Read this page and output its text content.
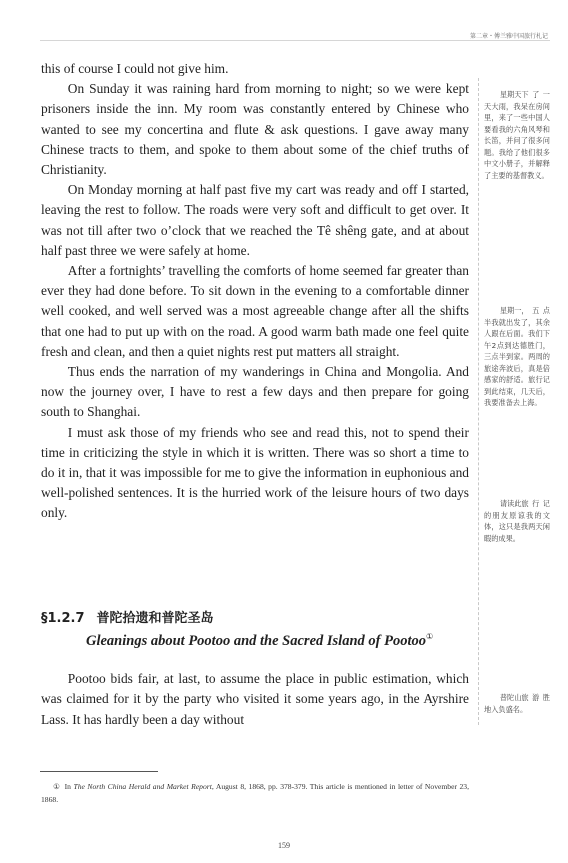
第二章・傅兰雅中国旅行札记

this of course I could not give him.

On Sunday it was raining hard from morning to night; so we were kept prisoners inside the inn. My room was constantly entered by Chinese who wanted to see my concertina and flute & ask questions. I gave away many Chinese tracts to them, and spoke to them about some of the chief truths of Christianity.

On Monday morning at half past five my cart was ready and off I started, leaving the rest to follow. The roads were very soft and difficult to get over. It was not till after two o’clock that we reached the Tê shêng gate, and at about half past three we were safely at home.

After a fortnights’ travelling the comforts of home seemed far greater than ever they had done before. To sit down in the evening to a comfortable dinner well cooked, and well served was a most agreeable change after all the shifts that one had to put up with on the road. A good warm bath made one feel quite fresh and clean, and then a quiet nights rest put matters all straight.

Thus ends the narration of my wanderings in China and Mongolia. And now the journey over, I have to rest a few days and then prepare for going south to Shanghai.

I must ask those of my friends who see and read this, not to spend their time in criticizing the style in which it is written. There was so short a time to do it in, that it was impossible for me to give the information in euphonious and well-polished sentences. It is the hurried work of the leisure hours of two days only.

§1.2.7 普陀拾遗和普陀圣岛
Gleanings about Pootoo and the Sacred Island of Pootoo①

Pootoo bids fair, at last, to assume the place in public estimation, which was claimed for it by the party who visited it some years ago, in the Ayrshire Lass. It has hardly been a day without

星期天下了一天大雨，我呆在房间里，来了一些中国人要看我的六角风琴和长笛，并问了很多问题。我给了他们很多中文小册子，并解释了主要的基督教义。
星期一，五点半我就出发了，其余人跟在后面。我们下午2点到达德胜门，三点半到家。两周的旅途奔波后，真是倍感家的舒适。旅行记到此结束，几天后，我要准备去上海。
请读此旅行记的朋友原谅我的文体，这只是我两天闲暇的成果。
普陀山旅游胜地入负盛名。
① In The North China Herald and Market Report, August 8, 1868, pp. 378-379. This article is mentioned in letter of November 23, 1868.
159
